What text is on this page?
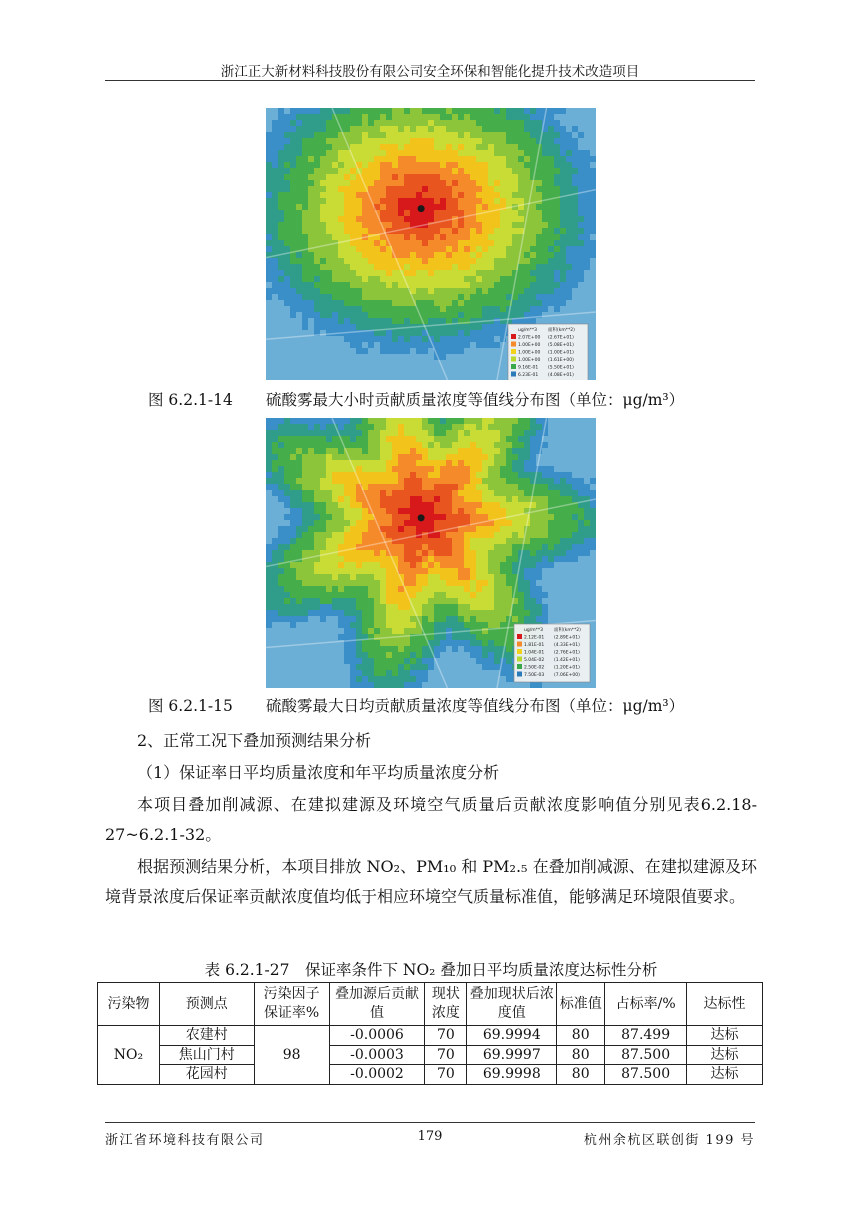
浙江正大新材料科技股份有限公司安全环保和智能化提升技术改造项目
ug/m**3 面积(km**2)
2.07E+00 (2.67E+01)
1.00E+00 (5.08E+01)
1.00E+00 (1.00E+01)
1.00E+00 (1.61E+00)
9.16E-01 (5.50E+01)
6.23E-01 (4.08E+01)
图 6.2.1-14 硫酸雾最大小时贡献质量浓度等值线分布图（单位：μg/m³）
ug/m**3 面积(km**2)
2.12E-01 (2.89E+01)
1.81E-01 (4.33E+01)
1.04E-01 (2.76E+01)
5.04E-02 (1.42E+01)
2.50E-02 (1.20E+01)
7.50E-03 (7.06E+00)
图 6.2.1-15 硫酸雾最大日均贡献质量浓度等值线分布图（单位：μg/m³）
2、正常工况下叠加预测结果分析
（1）保证率日平均质量浓度和年平均质量浓度分析
本项目叠加削减源、在建拟建源及环境空气质量后贡献浓度影响值分别见表6.2.18-27~6.2.1-32。
根据预测结果分析，本项目排放 NO₂、PM₁₀ 和 PM₂.₅ 在叠加削减源、在建拟建源及环境背景浓度后保证率贡献浓度值均低于相应环境空气质量标准值，能够满足环境限值要求。
表 6.2.1-27　保证率条件下 NO₂ 叠加日平均质量浓度达标性分析
污染物	预测点	污染因子保证率%	叠加源后贡献值	现状浓度	叠加现状后浓度值	标准值	占标率/%	达标性
NO₂	农建村	98	-0.0006	70	69.9994	80	87.499	达标
	焦山门村		-0.0003	70	69.9997	80	87.500	达标
	花园村		-0.0002	70	69.9998	80	87.500	达标
浙江省环境科技有限公司	179	杭州余杭区联创街 199 号
